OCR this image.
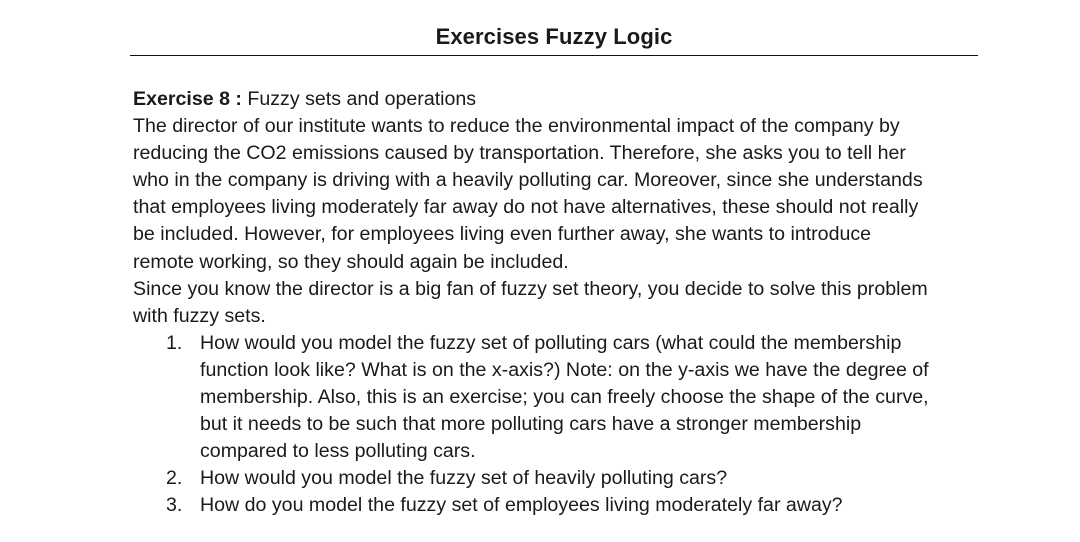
Exercises Fuzzy Logic
Exercise 8 : Fuzzy sets and operations
The director of our institute wants to reduce the environmental impact of the company by
reducing the CO2 emissions caused by transportation. Therefore, she asks you to tell her
who in the company is driving with a heavily polluting car. Moreover, since she understands
that employees living moderately far away do not have alternatives, these should not really
be included. However, for employees living even further away, she wants to introduce
remote working, so they should again be included.
Since you know the director is a big fan of fuzzy set theory, you decide to solve this problem
with fuzzy sets.
1. How would you model the fuzzy set of polluting cars (what could the membership
function look like? What is on the x-axis?) Note: on the y-axis we have the degree of
membership. Also, this is an exercise; you can freely choose the shape of the curve,
but it needs to be such that more polluting cars have a stronger membership
compared to less polluting cars.
2. How would you model the fuzzy set of heavily polluting cars?
3. How do you model the fuzzy set of employees living moderately far away?
